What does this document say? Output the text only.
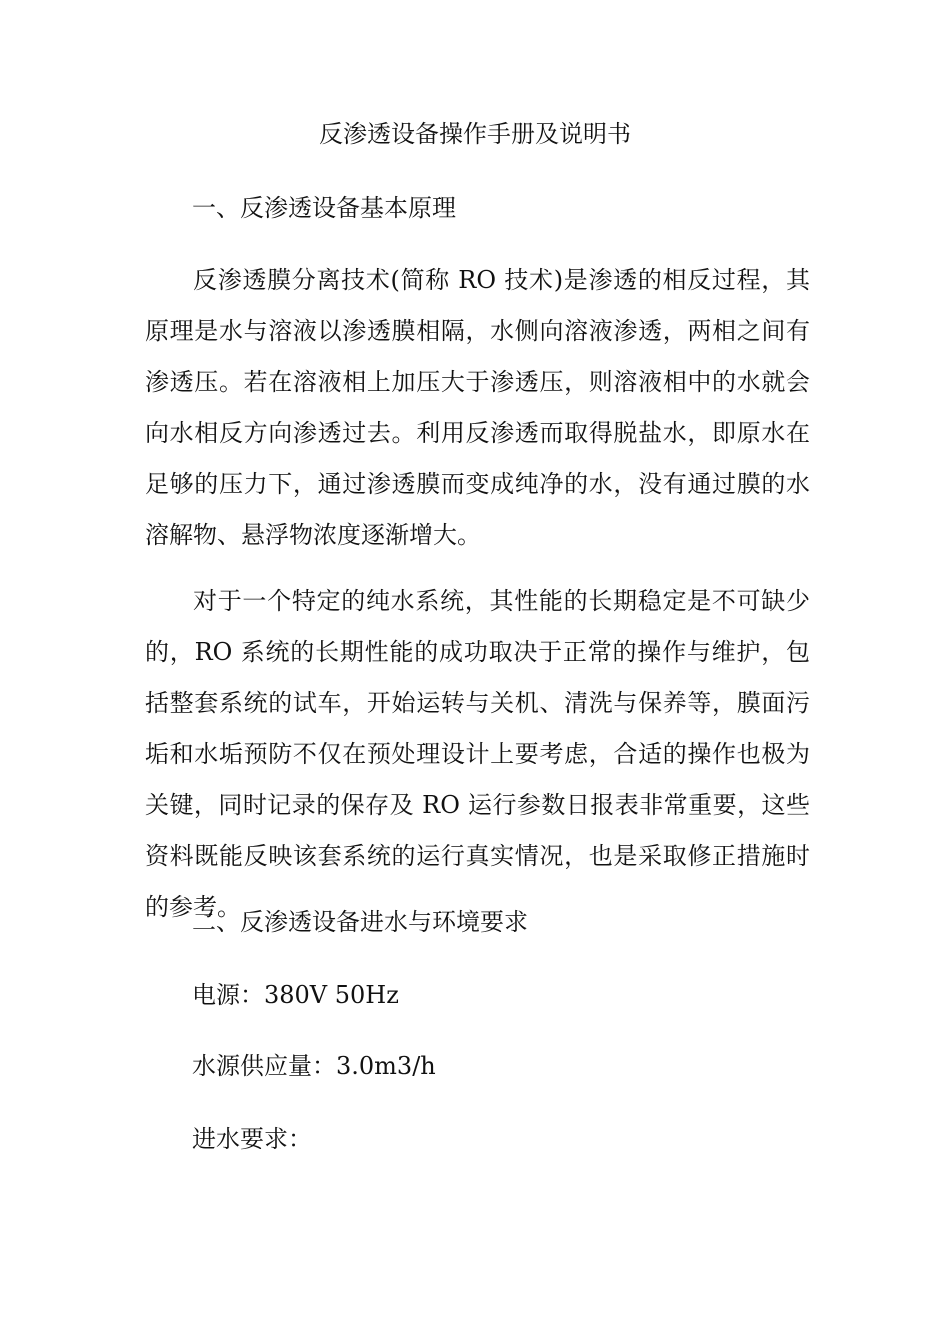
反渗透设备操作手册及说明书
一、反渗透设备基本原理

反渗透膜分离技术(简称 RO 技术)是渗透的相反过程，其原理是水与溶液以渗透膜相隔，水侧向溶液渗透，两相之间有渗透压。若在溶液相上加压大于渗透压，则溶液相中的水就会向水相反方向渗透过去。利用反渗透而取得脱盐水，即原水在足够的压力下，通过渗透膜而变成纯净的水，没有通过膜的水溶解物、悬浮物浓度逐渐增大。

对于一个特定的纯水系统，其性能的长期稳定是不可缺少的，RO 系统的长期性能的成功取决于正常的操作与维护，包括整套系统的试车，开始运转与关机、清洗与保养等，膜面污垢和水垢预防不仅在预处理设计上要考虑，合适的操作也极为关键，同时记录的保存及 RO 运行参数日报表非常重要，这些资料既能反映该套系统的运行真实情况，也是采取修正措施时的参考。

二、反渗透设备进水与环境要求
电源：380V 50Hz
水源供应量：3.0m3/h
进水要求：
